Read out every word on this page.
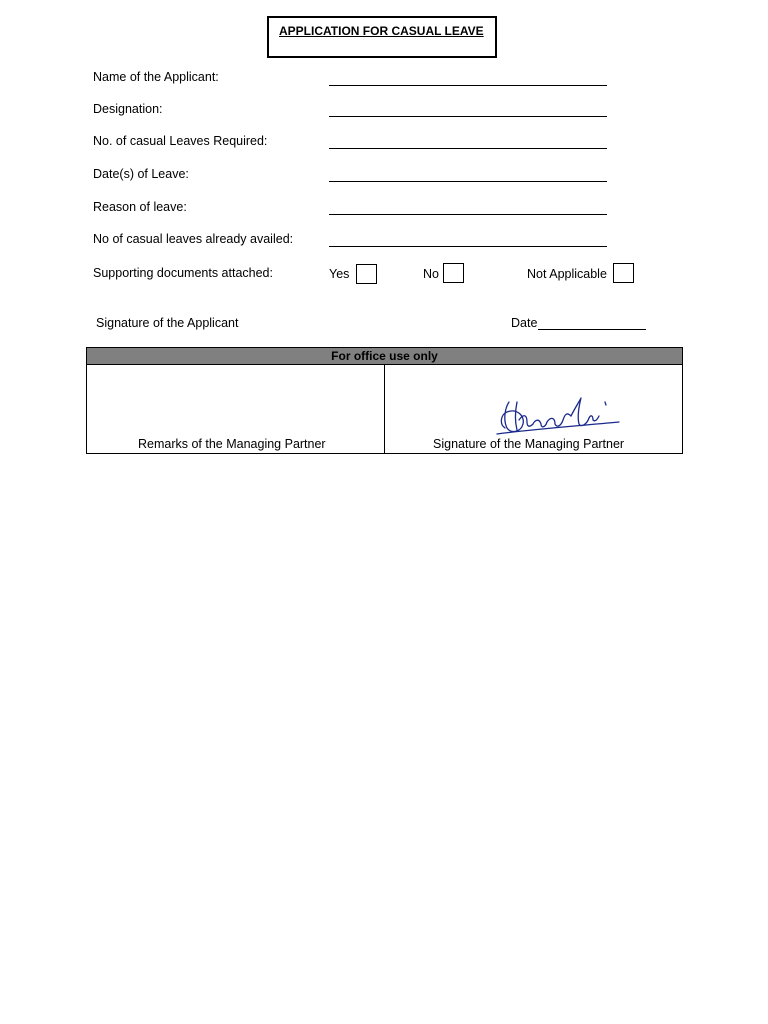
APPLICATION FOR CASUAL LEAVE
Name of the Applicant:
Designation:
No. of casual Leaves Required:
Date(s) of Leave:
Reason of leave:
No of casual leaves already availed:
Supporting documents attached:	Yes	No	Not Applicable
Signature of the Applicant	Date
For office use only
Remarks of the Managing Partner	Signature of the Managing Partner
